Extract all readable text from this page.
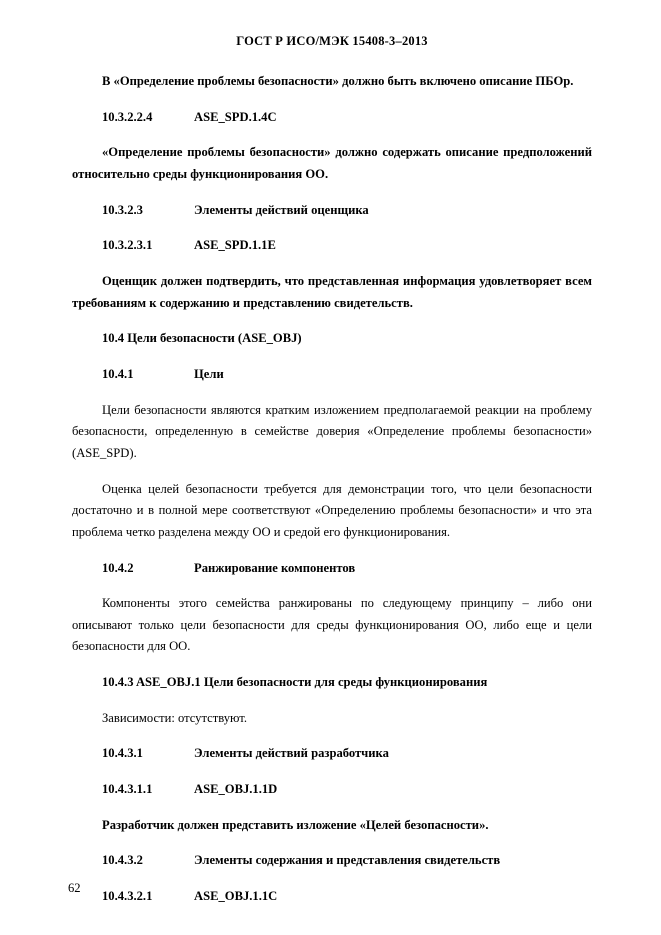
ГОСТ Р ИСО/МЭК 15408-3–2013

В «Определение проблемы безопасности» должно быть включено описание ПБОр.

10.3.2.2.4	ASE_SPD.1.4C

«Определение проблемы безопасности» должно содержать описание предположений относительно среды функционирования ОО.

10.3.2.3	Элементы действий оценщика
10.3.2.3.1	ASE_SPD.1.1E

Оценщик должен подтвердить, что представленная информация удовлетворяет всем требованиям к содержанию и представлению свидетельств.

10.4 Цели безопасности (ASE_OBJ)
10.4.1	Цели

Цели безопасности являются кратким изложением предполагаемой реакции на проблему безопасности, определенную в семействе доверия «Определение проблемы безопасности» (ASE_SPD).

Оценка целей безопасности требуется для демонстрации того, что цели безопасности достаточно и в полной мере соответствуют «Определению проблемы безопасности» и что эта проблема четко разделена между ОО и средой его функционирования.

10.4.2	Ранжирование компонентов

Компоненты этого семейства ранжированы по следующему принципу – либо они описывают только цели безопасности для среды функционирования ОО, либо еще и цели безопасности для ОО.

10.4.3 ASE_OBJ.1 Цели безопасности для среды функционирования

Зависимости: отсутствуют.

10.4.3.1	Элементы действий разработчика
10.4.3.1.1	ASE_OBJ.1.1D

Разработчик должен представить изложение «Целей безопасности».

10.4.3.2	Элементы содержания и представления свидетельств
10.4.3.2.1	ASE_OBJ.1.1C
62
